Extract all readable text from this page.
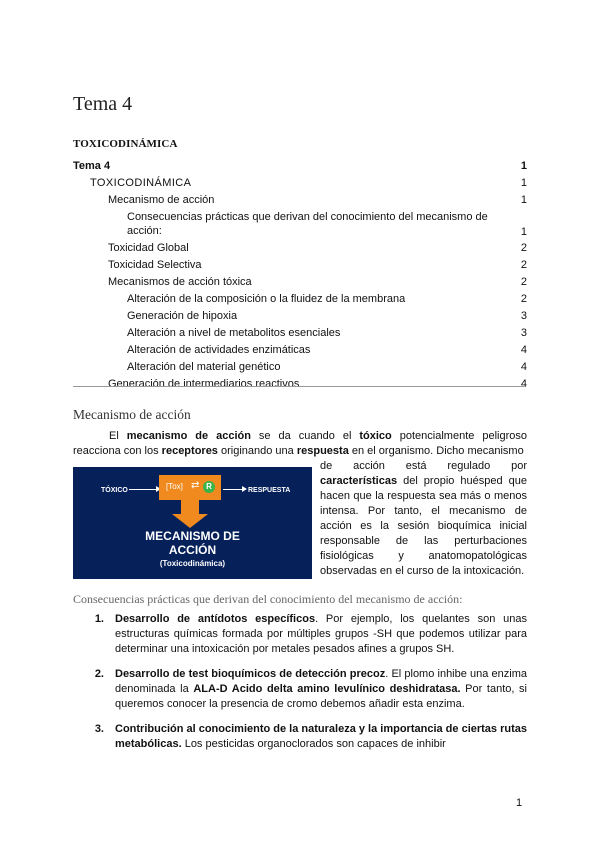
Tema 4
TOXICODINÁMICA
Tema 4	1
TOXICODINÁMICA	1
Mecanismo de acción	1
Consecuencias prácticas que derivan del conocimiento del mecanismo de acción:	1
Toxicidad Global	2
Toxicidad Selectiva	2
Mecanismos de acción tóxica	2
Alteración de la composición o la fluidez de la membrana	2
Generación de hipoxia	3
Alteración a nivel de metabolitos esenciales	3
Alteración de actividades enzimáticas	4
Alteración del material genético	4
Generación de intermediarios reactivos	4
Mecanismo de acción
El mecanismo de acción se da cuando el tóxico potencialmente peligroso reacciona con los receptores originando una respuesta en el organismo. Dicho mecanismo
de acción está regulado por características del propio huésped que hacen que la respuesta sea más o menos intensa. Por tanto, el mecanismo de acción es la sesión bioquímica inicial responsable de las perturbaciones fisiológicas y anatomopatológicas observadas en el curso de la intoxicación.
TÓXICO	[Tox] ⇄ R	RESPUESTA
MECANISMO DE
ACCIÓN
(Toxicodinámica)
Consecuencias prácticas que derivan del conocimiento del mecanismo de acción:
1.	Desarrollo de antídotos específicos. Por ejemplo, los quelantes son unas estructuras químicas formada por múltiples grupos -SH que podemos utilizar para determinar una intoxicación por metales pesados afines a grupos SH.
2.	Desarrollo de test bioquímicos de detección precoz. El plomo inhibe una enzima denominada la ALA-D Acido delta amino levulínico deshidratasa. Por tanto, si queremos conocer la presencia de cromo debemos añadir esta enzima.
3.	Contribución al conocimiento de la naturaleza y la importancia de ciertas rutas metabólicas. Los pesticidas organoclorados son capaces de inhibir
1
